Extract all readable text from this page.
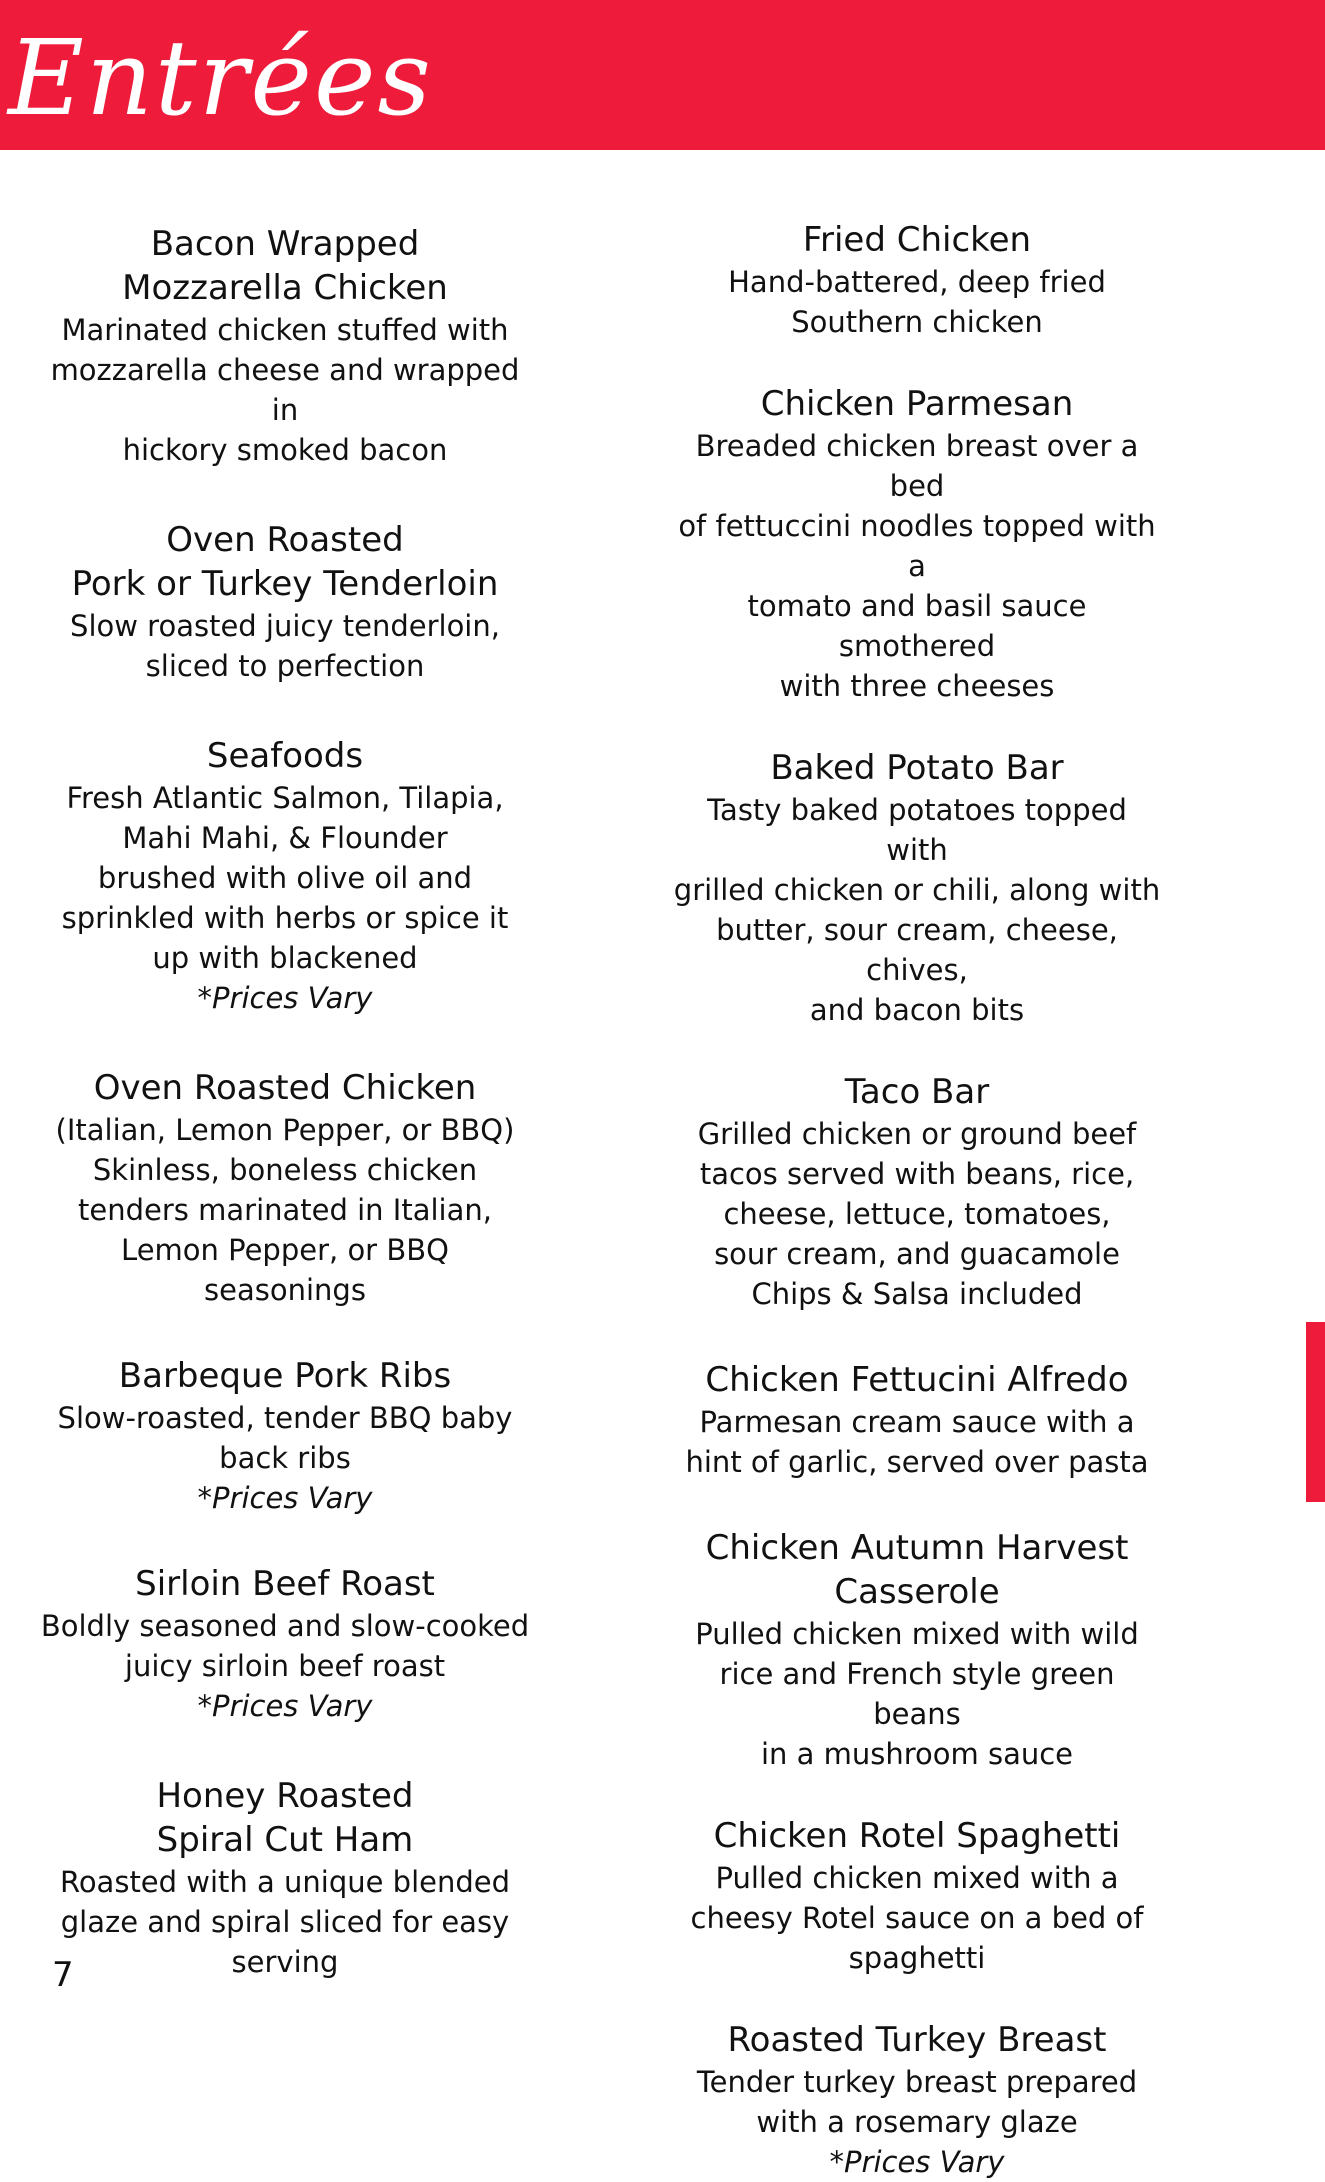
Entrées
Bacon Wrapped
Mozzarella Chicken
Marinated chicken stuffed with
mozzarella cheese and wrapped in
hickory smoked bacon
Oven Roasted
Pork or Turkey Tenderloin
Slow roasted juicy tenderloin,
sliced to perfection
Seafoods
Fresh Atlantic Salmon, Tilapia,
Mahi Mahi, & Flounder
brushed with olive oil and
sprinkled with herbs or spice it
up with blackened
*Prices Vary
Oven Roasted Chicken
(Italian, Lemon Pepper, or BBQ)
Skinless, boneless chicken
tenders marinated in Italian,
Lemon Pepper, or BBQ
seasonings
Barbeque Pork Ribs
Slow-roasted, tender BBQ baby
back ribs
*Prices Vary
Sirloin Beef Roast
Boldly seasoned and slow-cooked
juicy sirloin beef roast
*Prices Vary
Honey Roasted
Spiral Cut Ham
Roasted with a unique blended
glaze and spiral sliced for easy
serving
Fried Chicken
Hand-battered, deep fried
Southern chicken
Chicken Parmesan
Breaded chicken breast over a bed
of fettuccini noodles topped with a
tomato and basil sauce smothered
with three cheeses
Baked Potato Bar
Tasty baked potatoes topped with
grilled chicken or chili, along with
butter, sour cream, cheese, chives,
and bacon bits
Taco Bar
Grilled chicken or ground beef
tacos served with beans, rice,
cheese, lettuce, tomatoes,
sour cream, and guacamole
Chips & Salsa included
Chicken Fettucini Alfredo
Parmesan cream sauce with a
hint of garlic, served over pasta
Chicken Autumn Harvest
Casserole
Pulled chicken mixed with wild
rice and French style green beans
in a mushroom sauce
Chicken Rotel Spaghetti
Pulled chicken mixed with a
cheesy Rotel sauce on a bed of
spaghetti
Roasted Turkey Breast
Tender turkey breast prepared
with a rosemary glaze
*Prices Vary
7
